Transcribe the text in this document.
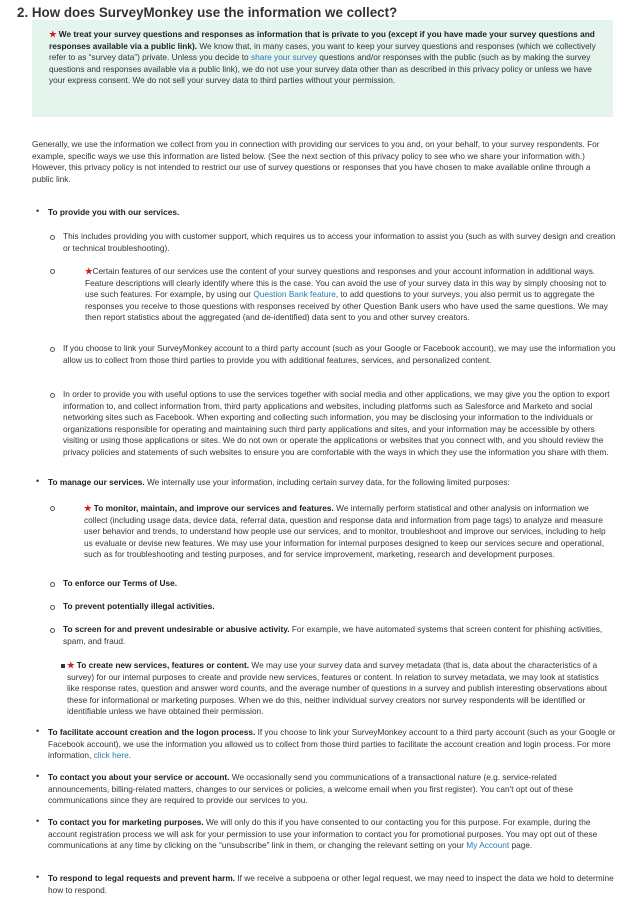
2. How does SurveyMonkey use the information we collect?
★ We treat your survey questions and responses as information that is private to you (except if you have made your survey questions and responses available via a public link). We know that, in many cases, you want to keep your survey questions and responses (which we collectively refer to as “survey data”) private. Unless you decide to share your survey questions and/or responses with the public (such as by making the survey questions and responses available via a public link), we do not use your survey data other than as described in this privacy policy or unless we have your express consent. We do not sell your survey data to third parties without your permission.
Generally, we use the information we collect from you in connection with providing our services to you and, on your behalf, to your survey respondents. For example, specific ways we use this information are listed below. (See the next section of this privacy policy to see who we share your information with.) However, this privacy policy is not intended to restrict our use of survey questions or responses that you have chosen to make available online through a public link.
• To provide you with our services.
This includes providing you with customer support, which requires us to access your information to assist you (such as with survey design and creation or technical troubleshooting).
★Certain features of our services use the content of your survey questions and responses and your account information in additional ways. Feature descriptions will clearly identify where this is the case. You can avoid the use of your survey data in this way by simply choosing not to use such features. For example, by using our Question Bank feature, to add questions to your surveys, you also permit us to aggregate the responses you receive to those questions with responses received by other Question Bank users who have used the same questions. We may then report statistics about the aggregated (and de-identified) data sent to you and other survey creators.
If you choose to link your SurveyMonkey account to a third party account (such as your Google or Facebook account), we may use the information you allow us to collect from those third parties to provide you with additional features, services, and personalized content.
In order to provide you with useful options to use the services together with social media and other applications, we may give you the option to export information to, and collect information from, third party applications and websites, including platforms such as Salesforce and Marketo and social networking sites such as Facebook. When exporting and collecting such information, you may be disclosing your information to the individuals or organizations responsible for operating and maintaining such third party applications and sites, and your information may be accessible by others visiting or using those applications or sites. We do not own or operate the applications or websites that you connect with, and you should review the privacy policies and statements of such websites to ensure you are comfortable with the ways in which they use the information you share with them.
• To manage our services. We internally use your information, including certain survey data, for the following limited purposes:
★ To monitor, maintain, and improve our services and features. We internally perform statistical and other analysis on information we collect (including usage data, device data, referral data, question and response data and information from page tags) to analyze and measure user behavior and trends, to understand how people use our services, and to monitor, troubleshoot and improve our services, including to help us evaluate or devise new features. We may use your information for internal purposes designed to keep our services secure and operational, such as for troubleshooting and testing purposes, and for service improvement, marketing, research and development purposes.
To enforce our Terms of Use.
To prevent potentially illegal activities.
To screen for and prevent undesirable or abusive activity. For example, we have automated systems that screen content for phishing activities, spam, and fraud.
★ To create new services, features or content. We may use your survey data and survey metadata (that is, data about the characteristics of a survey) for our internal purposes to create and provide new services, features or content. In relation to survey metadata, we may look at statistics like response rates, question and answer word counts, and the average number of questions in a survey and publish interesting observations about these for informational or marketing purposes. When we do this, neither individual survey creators nor survey respondents will be identified or identifiable unless we have obtained their permission.
• To facilitate account creation and the logon process. If you choose to link your SurveyMonkey account to a third party account (such as your Google or Facebook account), we use the information you allowed us to collect from those third parties to facilitate the account creation and login process. For more information, click here.
• To contact you about your service or account. We occasionally send you communications of a transactional nature (e.g. service-related announcements, billing-related matters, changes to our services or policies, a welcome email when you first register). You can't opt out of these communications since they are required to provide our services to you.
• To contact you for marketing purposes. We will only do this if you have consented to our contacting you for this purpose. For example, during the account registration process we will ask for your permission to use your information to contact you for promotional purposes. You may opt out of these communications at any time by clicking on the “unsubscribe” link in them, or changing the relevant setting on your My Account page.
• To respond to legal requests and prevent harm. If we receive a subpoena or other legal request, we may need to inspect the data we hold to determine how to respond.
